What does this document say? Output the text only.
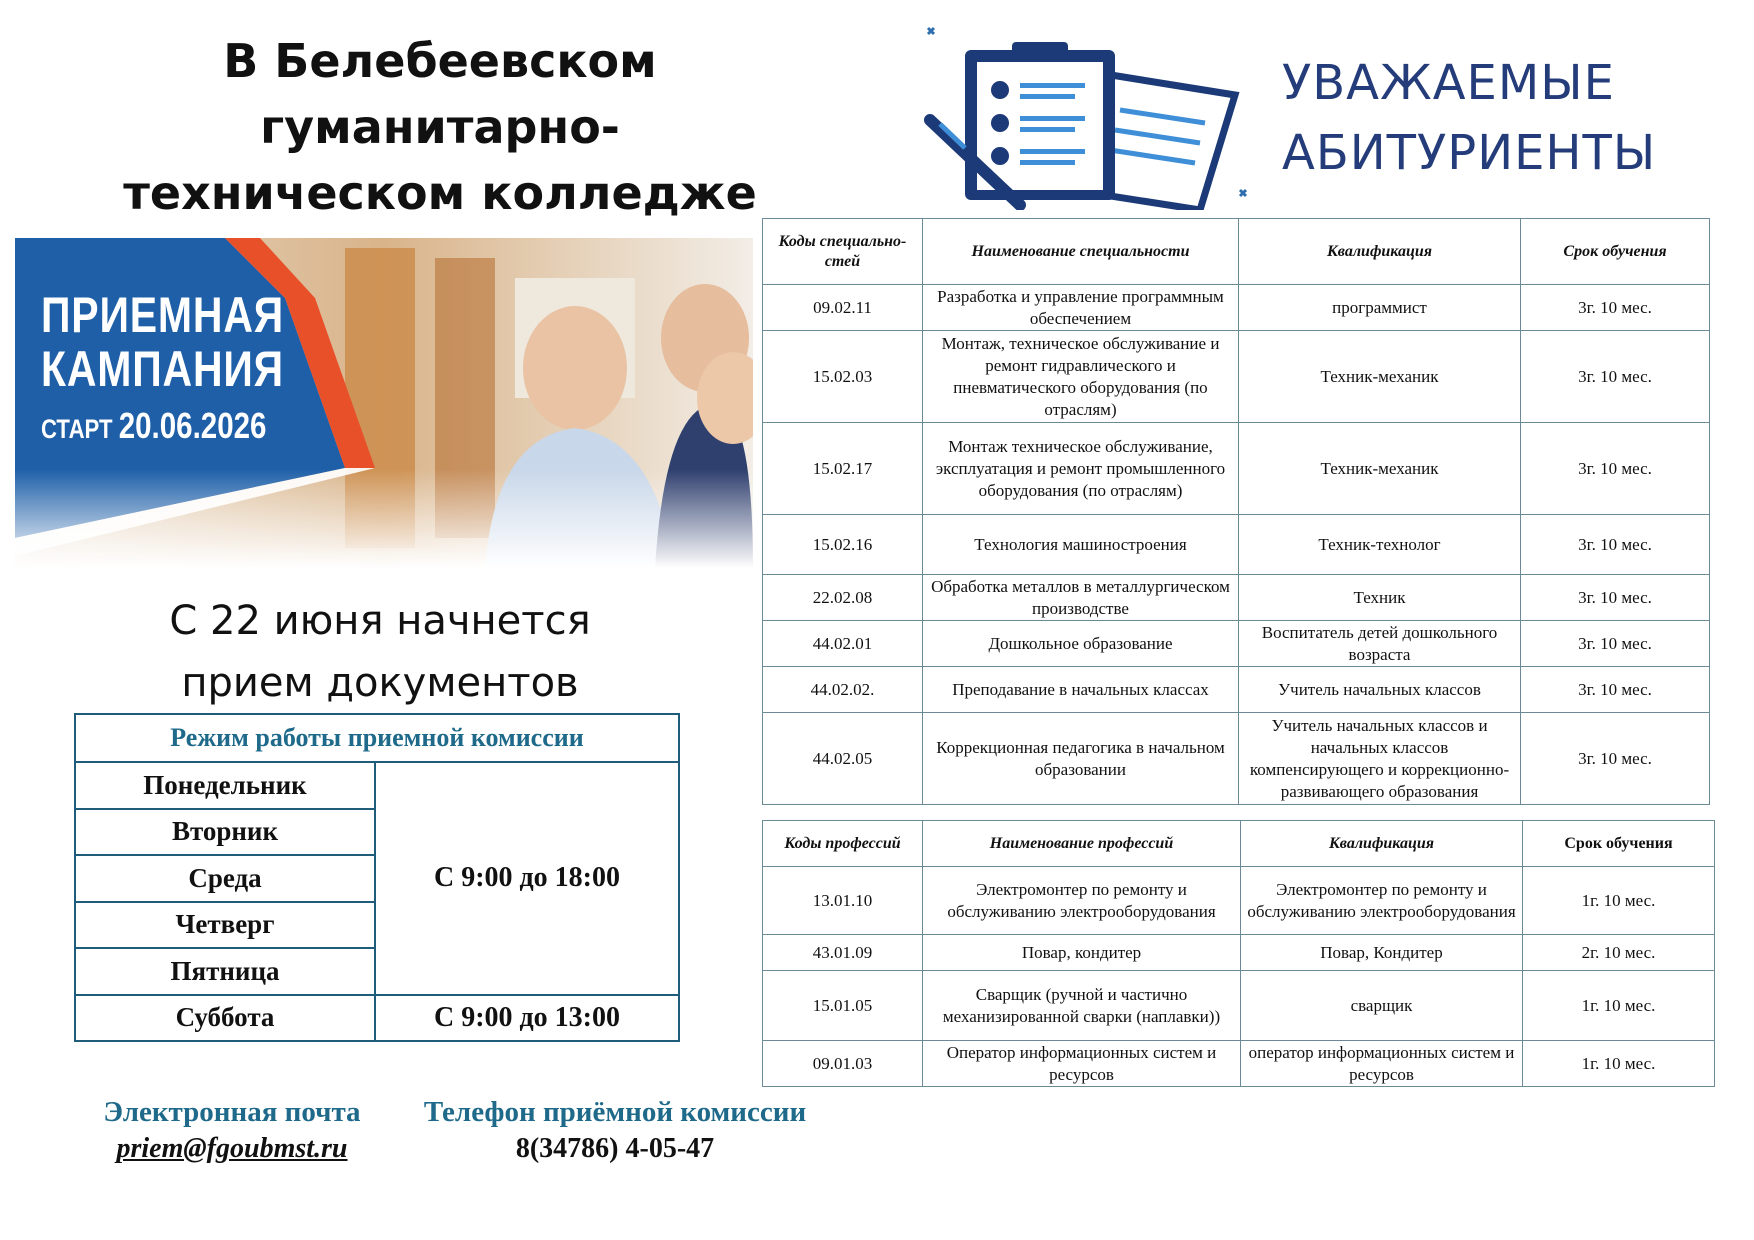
В Белебеевском гуманитарно-
техническом колледже
ПРИЕМНАЯ
КАМПАНИЯ
СТАРТ 20.06.2026
С 22 июня начнется
прием документов
Режим работы приемной комиссии	
Понедельник	С 9:00 до 18:00
Вторник	
Среда	
Четверг	
Пятница	
Суббота	С 9:00 до 13:00
Электронная почта
priem@fgoubmst.ru
Телефон приёмной комиссии
8(34786) 4-05-47
УВАЖАЕМЫЕ
АБИТУРИЕНТЫ
Коды специально-стей	Наименование специальности	Квалификация	Срок обучения
09.02.11	Разработка и управление программным обеспечением	программист	3г. 10 мес.
15.02.03	Монтаж, техническое обслуживание и ремонт гидравлического и пневматического оборудования (по отраслям)	Техник-механик	3г. 10 мес.
15.02.17	Монтаж техническое обслуживание, эксплуатация и ремонт промышленного оборудования (по отраслям)	Техник-механик	3г. 10 мес.
15.02.16	Технология машиностроения	Техник-технолог	3г. 10 мес.
22.02.08	Обработка металлов в металлургическом производстве	Техник	3г. 10 мес.
44.02.01	Дошкольное образование	Воспитатель детей дошкольного возраста	3г. 10 мес.
44.02.02.	Преподавание в начальных классах	Учитель начальных классов	3г. 10 мес.
44.02.05	Коррекционная педагогика в начальном образовании	Учитель начальных классов и начальных классов компенсирующего и коррекционно-развивающего образования	3г. 10 мес.
Коды профессий	Наименование профессий	Квалификация	Срок обучения
13.01.10	Электромонтер по ремонту и обслуживанию электрооборудования	Электромонтер по ремонту и обслуживанию электрооборудования	1г. 10 мес.
43.01.09	Повар, кондитер	Повар, Кондитер	2г. 10 мес.
15.01.05	Сварщик (ручной и частично механизированной сварки (наплавки))	сварщик	1г. 10 мес.
09.01.03	Оператор информационных систем и ресурсов	оператор информационных систем и ресурсов	1г. 10 мес.
